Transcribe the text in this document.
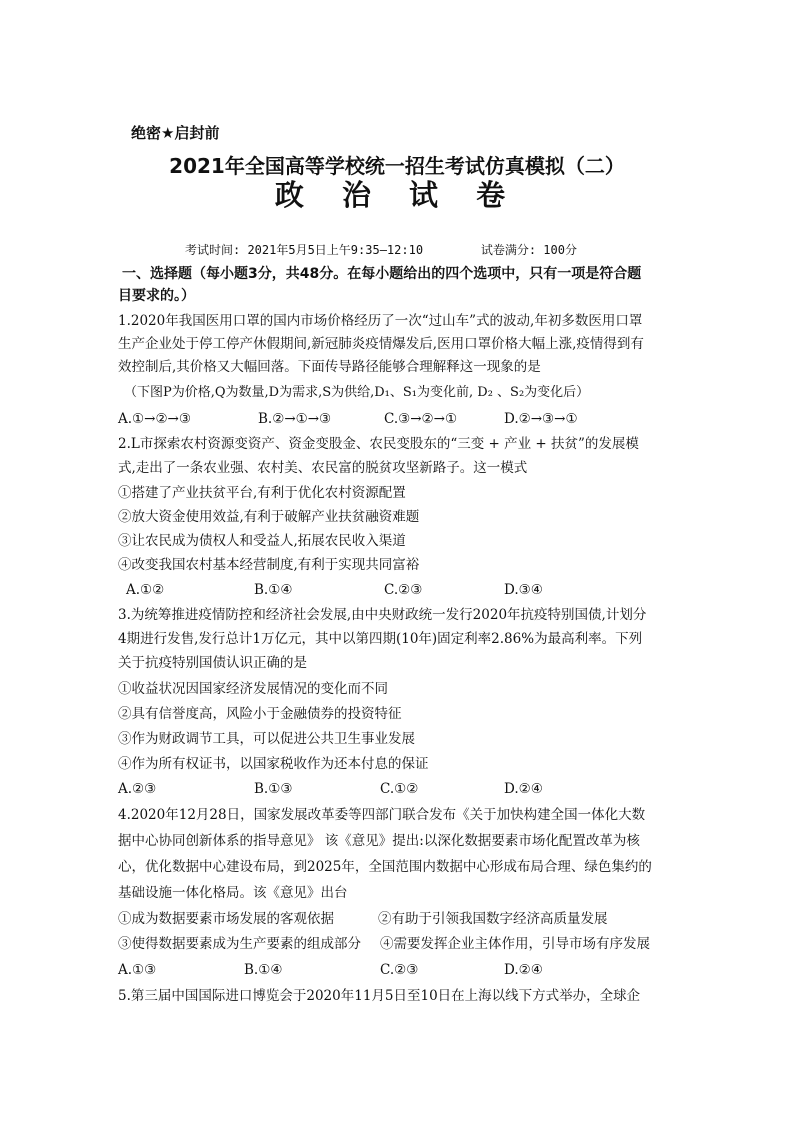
绝密★启封前
2021年全国高等学校统一招生考试仿真模拟（二）
政 治 试 卷
考试时间: 2021年5月5日上午9:35—12:10        试卷满分: 100分
一、选择题（每小题3分，共48分。在每小题给出的四个选项中，只有一项是符合题
目要求的。）
1.2020年我国医用口罩的国内市场价格经历了一次“过山车”式的波动,年初多数医用口罩
生产企业处于停工停产休假期间,新冠肺炎疫情爆发后,医用口罩价格大幅上涨,疫情得到有
效控制后,其价格又大幅回落。下面传导路径能够合理解释这一现象的是
（下图P为价格,Q为数量,D为需求,S为供给,D₁、S₁为变化前, D₂ 、S₂为变化后）
A.①→②→③	B.②→①→③	C.③→②→①	D.②→③→①
2.L市探索农村资源变资产、资金变股金、农民变股东的“三变 + 产业 + 扶贫”的发展模
式,走出了一条农业强、农村美、农民富的脱贫攻坚新路子。这一模式
①搭建了产业扶贫平台,有利于优化农村资源配置
②放大资金使用效益,有利于破解产业扶贫融资难题
③让农民成为债权人和受益人,拓展农民收入渠道
④改变我国农村基本经营制度,有利于实现共同富裕
A.①②	B.①④	C.②③	D.③④
3.为统筹推进疫情防控和经济社会发展,由中央财政统一发行2020年抗疫特别国债,计划分
4期进行发售,发行总计1万亿元，其中以第四期(10年)固定利率2.86%为最高利率。下列
关于抗疫特别国债认识正确的是
①收益状况因国家经济发展情况的变化而不同
②具有信誉度高，风险小于金融债券的投资特征
③作为财政调节工具，可以促进公共卫生事业发展
④作为所有权证书，以国家税收作为还本付息的保证
A.②③	B.①③	C.①②	D.②④
4.2020年12月28日，国家发展改革委等四部门联合发布《关于加快构建全国一体化大数
据中心协同创新体系的指导意见》 该《意见》提出:以深化数据要素市场化配置改革为核
心，优化数据中心建设布局，到2025年，全国范围内数据中心形成布局合理、绿色集约的
基础设施一体化格局。该《意见》出台
①成为数据要素市场发展的客观依据	②有助于引领我国数字经济高质量发展
③使得数据要素成为生产要素的组成部分 ④需要发挥企业主体作用，引导市场有序发展
A.①③	B.①④	C.②③	D.②④
5.第三届中国国际进口博览会于2020年11月5日至10日在上海以线下方式举办，全球企
